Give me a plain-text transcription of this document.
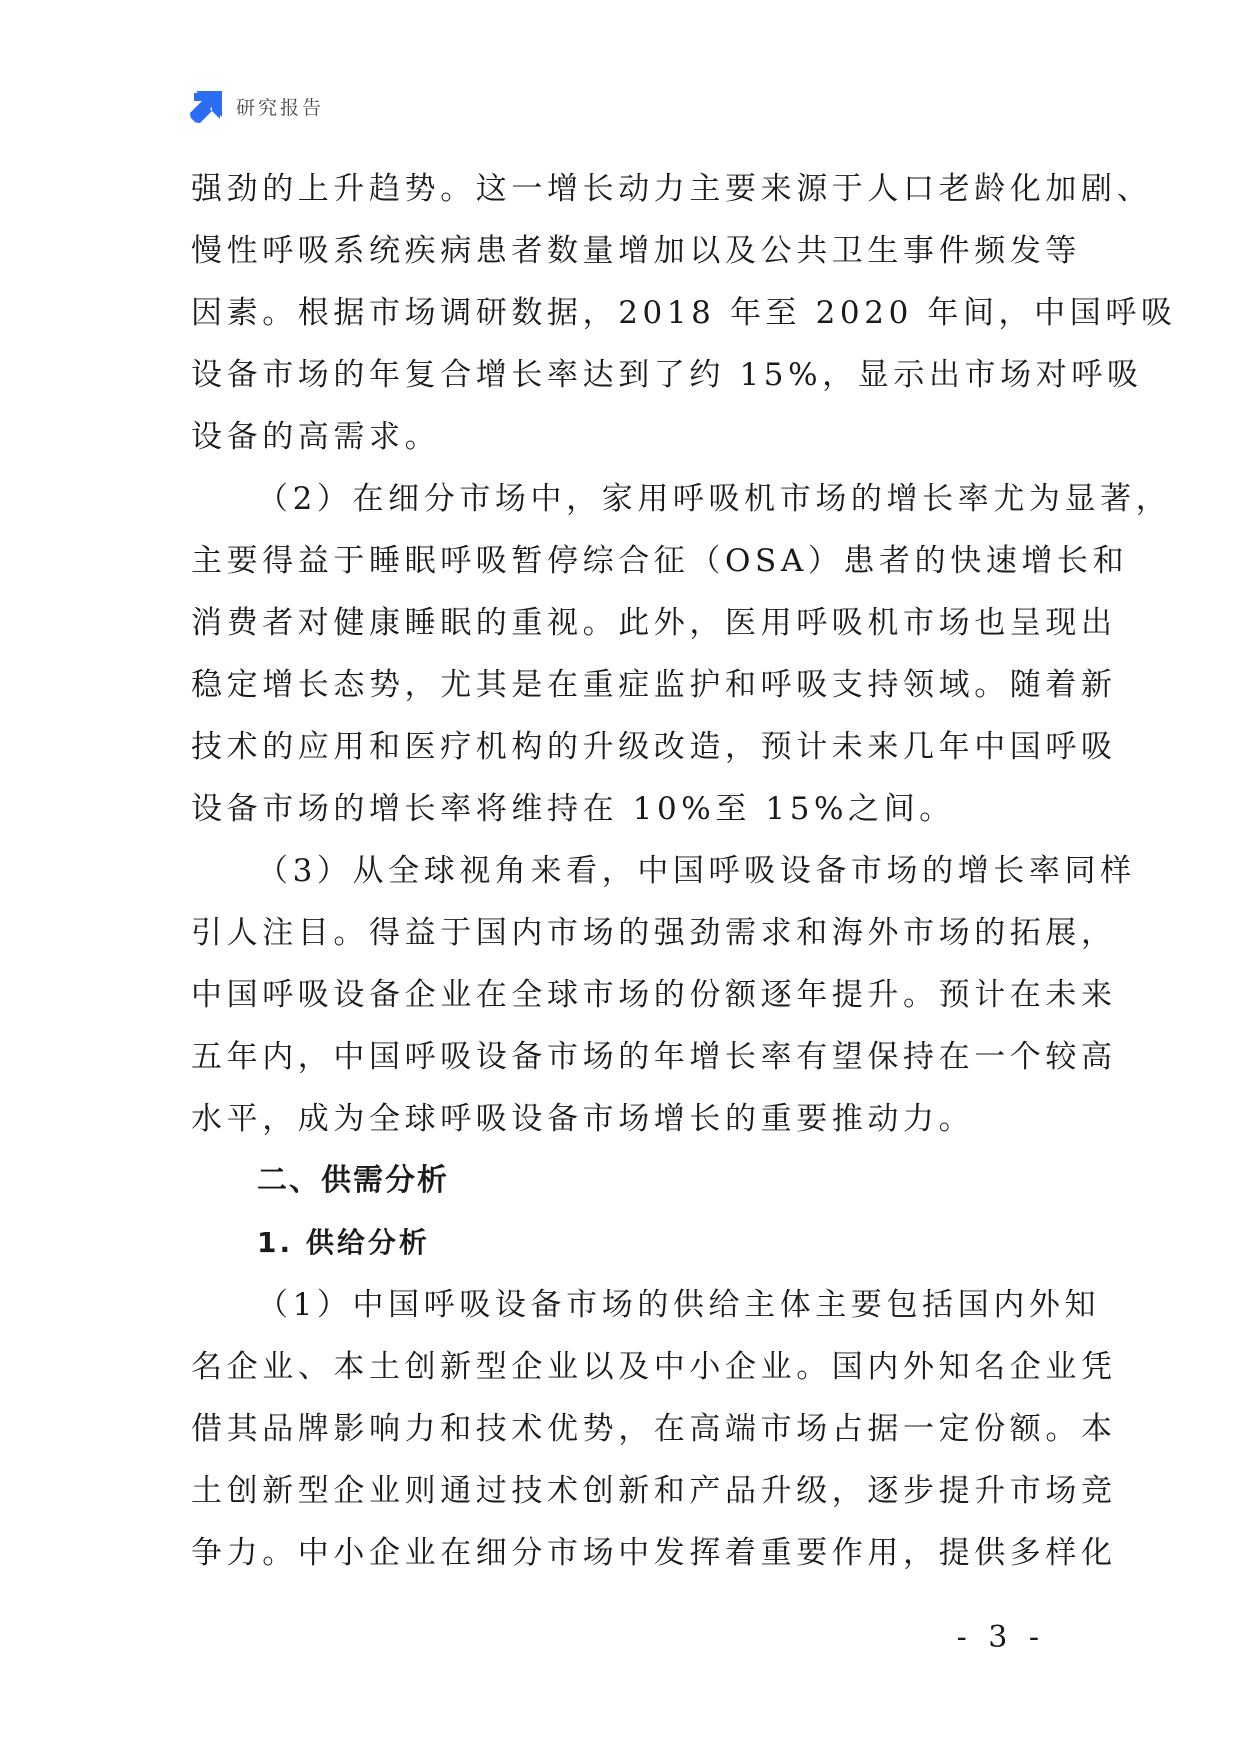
研究报告

强劲的上升趋势。这一增长动力主要来源于人口老龄化加剧、

慢性呼吸系统疾病患者数量增加以及公共卫生事件频发等

因素。根据市场调研数据，2018 年至 2020 年间，中国呼吸

设备市场的年复合增长率达到了约 15%，显示出市场对呼吸

设备的高需求。

（2）在细分市场中，家用呼吸机市场的增长率尤为显著，

主要得益于睡眠呼吸暂停综合征（OSA）患者的快速增长和

消费者对健康睡眠的重视。此外，医用呼吸机市场也呈现出

稳定增长态势，尤其是在重症监护和呼吸支持领域。随着新

技术的应用和医疗机构的升级改造，预计未来几年中国呼吸

设备市场的增长率将维持在 10%至 15%之间。

（3）从全球视角来看，中国呼吸设备市场的增长率同样

引人注目。得益于国内市场的强劲需求和海外市场的拓展，

中国呼吸设备企业在全球市场的份额逐年提升。预计在未来

五年内，中国呼吸设备市场的年增长率有望保持在一个较高

水平，成为全球呼吸设备市场增长的重要推动力。

二、供需分析
1. 供给分析

（1）中国呼吸设备市场的供给主体主要包括国内外知

名企业、本土创新型企业以及中小企业。国内外知名企业凭

借其品牌影响力和技术优势，在高端市场占据一定份额。本

土创新型企业则通过技术创新和产品升级，逐步提升市场竞

争力。中小企业在细分市场中发挥着重要作用，提供多样化

- 3 -
